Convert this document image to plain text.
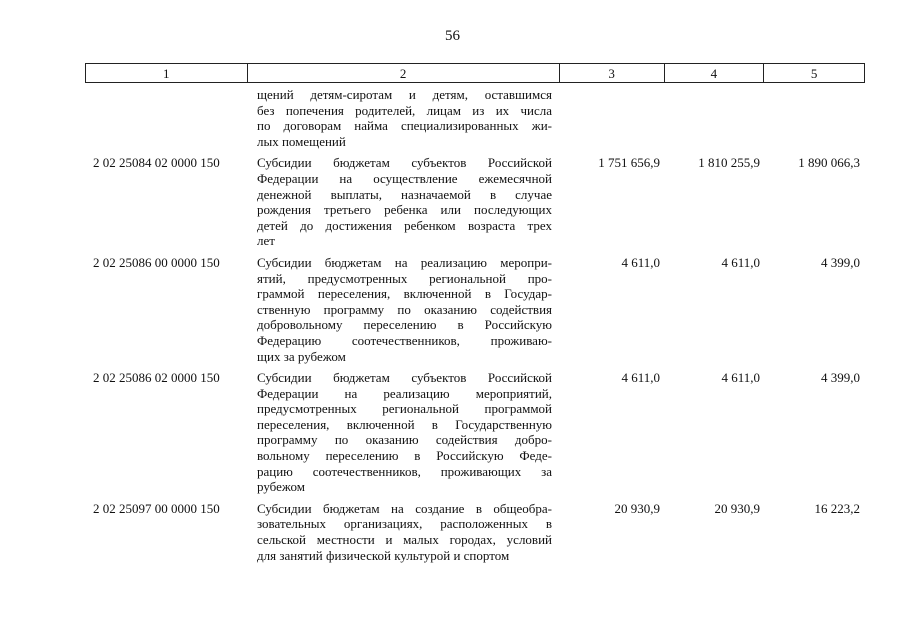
56
1	2	3	4	5
щений детям-сиротам и детям, оставшимся
без попечения родителей, лицам из их числа
по договорам найма специализированных жи-
лых помещений
2 02 25084 02 0000 150	Субсидии бюджетам субъектов Российской
Федерации на осуществление ежемесячной
денежной выплаты, назначаемой в случае
рождения третьего ребенка или последующих
детей до достижения ребенком возраста трех
лет
1 751 656,9	1 810 255,9	1 890 066,3
2 02 25086 00 0000 150	Субсидии бюджетам на реализацию меропри-
ятий, предусмотренных региональной про-
граммой переселения, включенной в Государ-
ственную программу по оказанию содействия
добровольному переселению в Российскую
Федерацию соотечественников, проживаю-
щих за рубежом
4 611,0	4 611,0	4 399,0
2 02 25086 02 0000 150	Субсидии бюджетам субъектов Российской
Федерации на реализацию мероприятий,
предусмотренных региональной программой
переселения, включенной в Государственную
программу по оказанию содействия добро-
вольному переселению в Российскую Феде-
рацию соотечественников, проживающих за
рубежом
4 611,0	4 611,0	4 399,0
2 02 25097 00 0000 150	Субсидии бюджетам на создание в общеобра-
зовательных организациях, расположенных в
сельской местности и малых городах, условий
для занятий физической культурой и спортом
20 930,9	20 930,9	16 223,2
